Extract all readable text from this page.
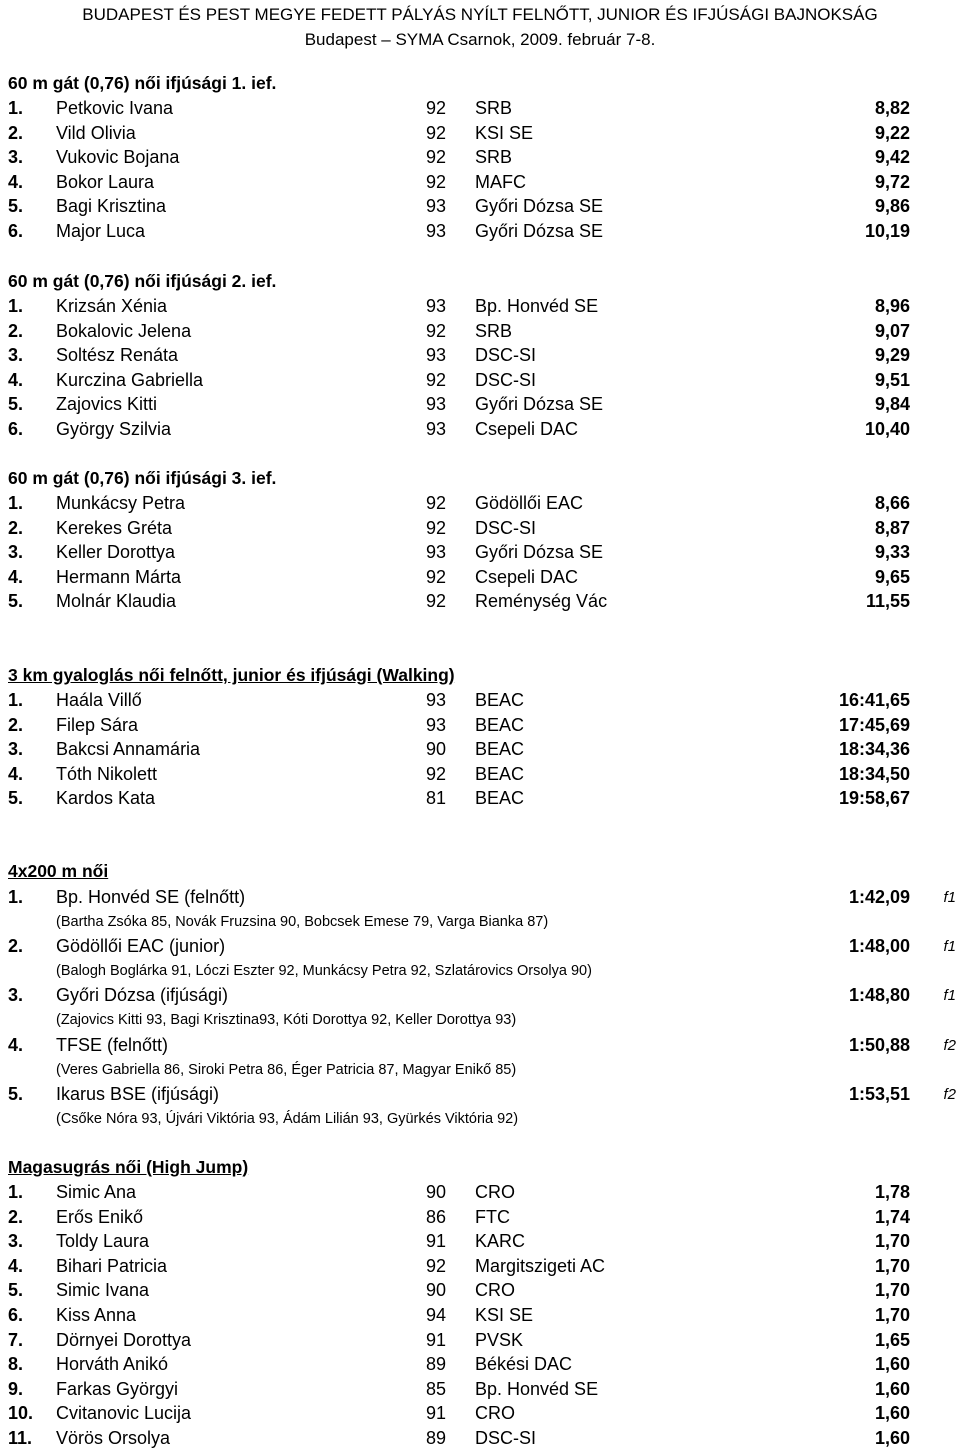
BUDAPEST ÉS PEST MEGYE FEDETT PÁLYÁS NYÍLT FELNŐTT, JUNIOR ÉS IFJÚSÁGI BAJNOKSÁG
Budapest – SYMA Csarnok, 2009. február 7-8.
60 m gát (0,76) női ifjúsági 1. ief.
1.	Petkovic Ivana	92 SRB	8,82
2.	Vild Olivia	92 KSI SE	9,22
3.	Vukovic Bojana	92 SRB	9,42
4.	Bokor Laura	92 MAFC	9,72
5.	Bagi Krisztina	93 Győri Dózsa SE	9,86
6.	Major Luca	93 Győri Dózsa SE	10,19
60 m gát (0,76) női ifjúsági 2. ief.
1.	Krizsán Xénia	93 Bp. Honvéd SE	8,96
2.	Bokalovic Jelena	92 SRB	9,07
3.	Soltész Renáta	93 DSC-SI	9,29
4.	Kurczina Gabriella	92 DSC-SI	9,51
5.	Zajovics Kitti	93 Győri Dózsa SE	9,84
6.	György Szilvia	93 Csepeli DAC	10,40
60 m gát (0,76) női ifjúsági 3. ief.
1.	Munkácsy Petra	92 Gödöllői EAC	8,66
2.	Kerekes Gréta	92 DSC-SI	8,87
3.	Keller Dorottya	93 Győri Dózsa SE	9,33
4.	Hermann Márta	92 Csepeli DAC	9,65
5.	Molnár Klaudia	92 Reménység Vác	11,55
3 km gyaloglás női felnőtt, junior és ifjúsági (Walking)
1.	Haála Villő	93 BEAC	16:41,65
2.	Filep Sára	93 BEAC	17:45,69
3.	Bakcsi Annamária	90 BEAC	18:34,36
4.	Tóth Nikolett	92 BEAC	18:34,50
5.	Kardos Kata	81 BEAC	19:58,67
4x200 m női
1.	Bp. Honvéd SE (felnőtt)	1:42,09 f1
(Bartha Zsóka 85, Novák Fruzsina 90, Bobcsek Emese 79, Varga Bianka 87)
2.	Gödöllői EAC (junior)	1:48,00 f1
(Balogh Boglárka 91, Lóczi Eszter 92, Munkácsy Petra 92, Szlatárovics Orsolya 90)
3.	Győri Dózsa (ifjúsági)	1:48,80 f1
(Zajovics Kitti 93, Bagi Krisztina93, Kóti Dorottya 92, Keller Dorottya 93)
4.	TFSE (felnőtt)	1:50,88 f2
(Veres Gabriella 86, Siroki Petra 86, Éger Patricia 87, Magyar Enikő 85)
5.	Ikarus BSE (ifjúsági)	1:53,51 f2
(Csőke Nóra 93, Újvári Viktória 93, Ádám Lilián 93, Gyürkés Viktória 92)
Magasugrás női (High Jump)
1.	Simic Ana	90 CRO	1,78
2.	Erős Enikő	86 FTC	1,74
3.	Toldy Laura	91 KARC	1,70
4.	Bihari Patricia	92 Margitszigeti AC	1,70
5.	Simic Ivana	90 CRO	1,70
6.	Kiss Anna	94 KSI SE	1,70
7.	Dörnyei Dorottya	91 PVSK	1,65
8.	Horváth Anikó	89 Békési DAC	1,60
9.	Farkas Györgyi	85 Bp. Honvéd SE	1,60
10.	Cvitanovic Lucija	91 CRO	1,60
11.	Vörös Orsolya	89 DSC-SI	1,60
